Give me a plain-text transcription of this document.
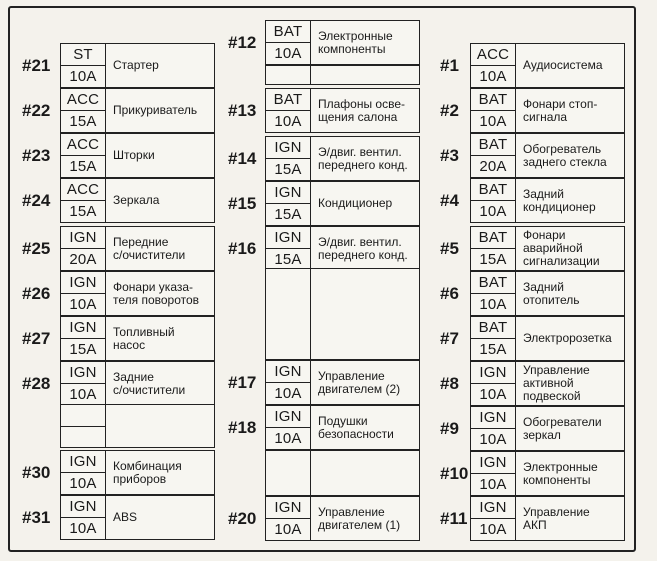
#21
ST
10A
Стартер
#22
ACC
15A
Прикуриватель
#23
ACC
15A
Шторки
#24
ACC
15A
Зеркала
#25
IGN
20A
Передние
с/очистители
#26
IGN
10A
Фонари указа-
теля поворотов
#27
IGN
15A
Топливный
насос
#28
IGN
10A
Задние
с/очистители
#30
IGN
10A
Комбинация
приборов
#31
IGN
10A
ABS
#12
BAT
10A
Электронные
компоненты
#13
BAT
10A
Плафоны осве-
щения салона
#14
IGN
15A
Э/двиг. вентил.
переднего конд.
#15
IGN
15A
Кондиционер
#16
IGN
15A
Э/двиг. вентил.
переднего конд.
#17
IGN
10A
Управление
двигателем (2)
#18
IGN
10A
Подушки
безопасности
#20
IGN
10A
Управление
двигателем (1)
#1
ACC
10A
Аудиосистема
#2
BAT
10A
Фонари стоп-
сигнала
#3
BAT
20A
Обогреватель
заднего стекла
#4
BAT
10A
Задний
кондиционер
#5
BAT
15A
Фонари
аварийной
сигнализации
#6
BAT
10A
Задний
отопитель
#7
BAT
15A
Электророзетка
#8
IGN
10A
Управление
активной
подвеской
#9
IGN
10A
Обогреватели
зеркал
#10
IGN
10A
Электронные
компоненты
#11
IGN
10A
Управление
АКП
